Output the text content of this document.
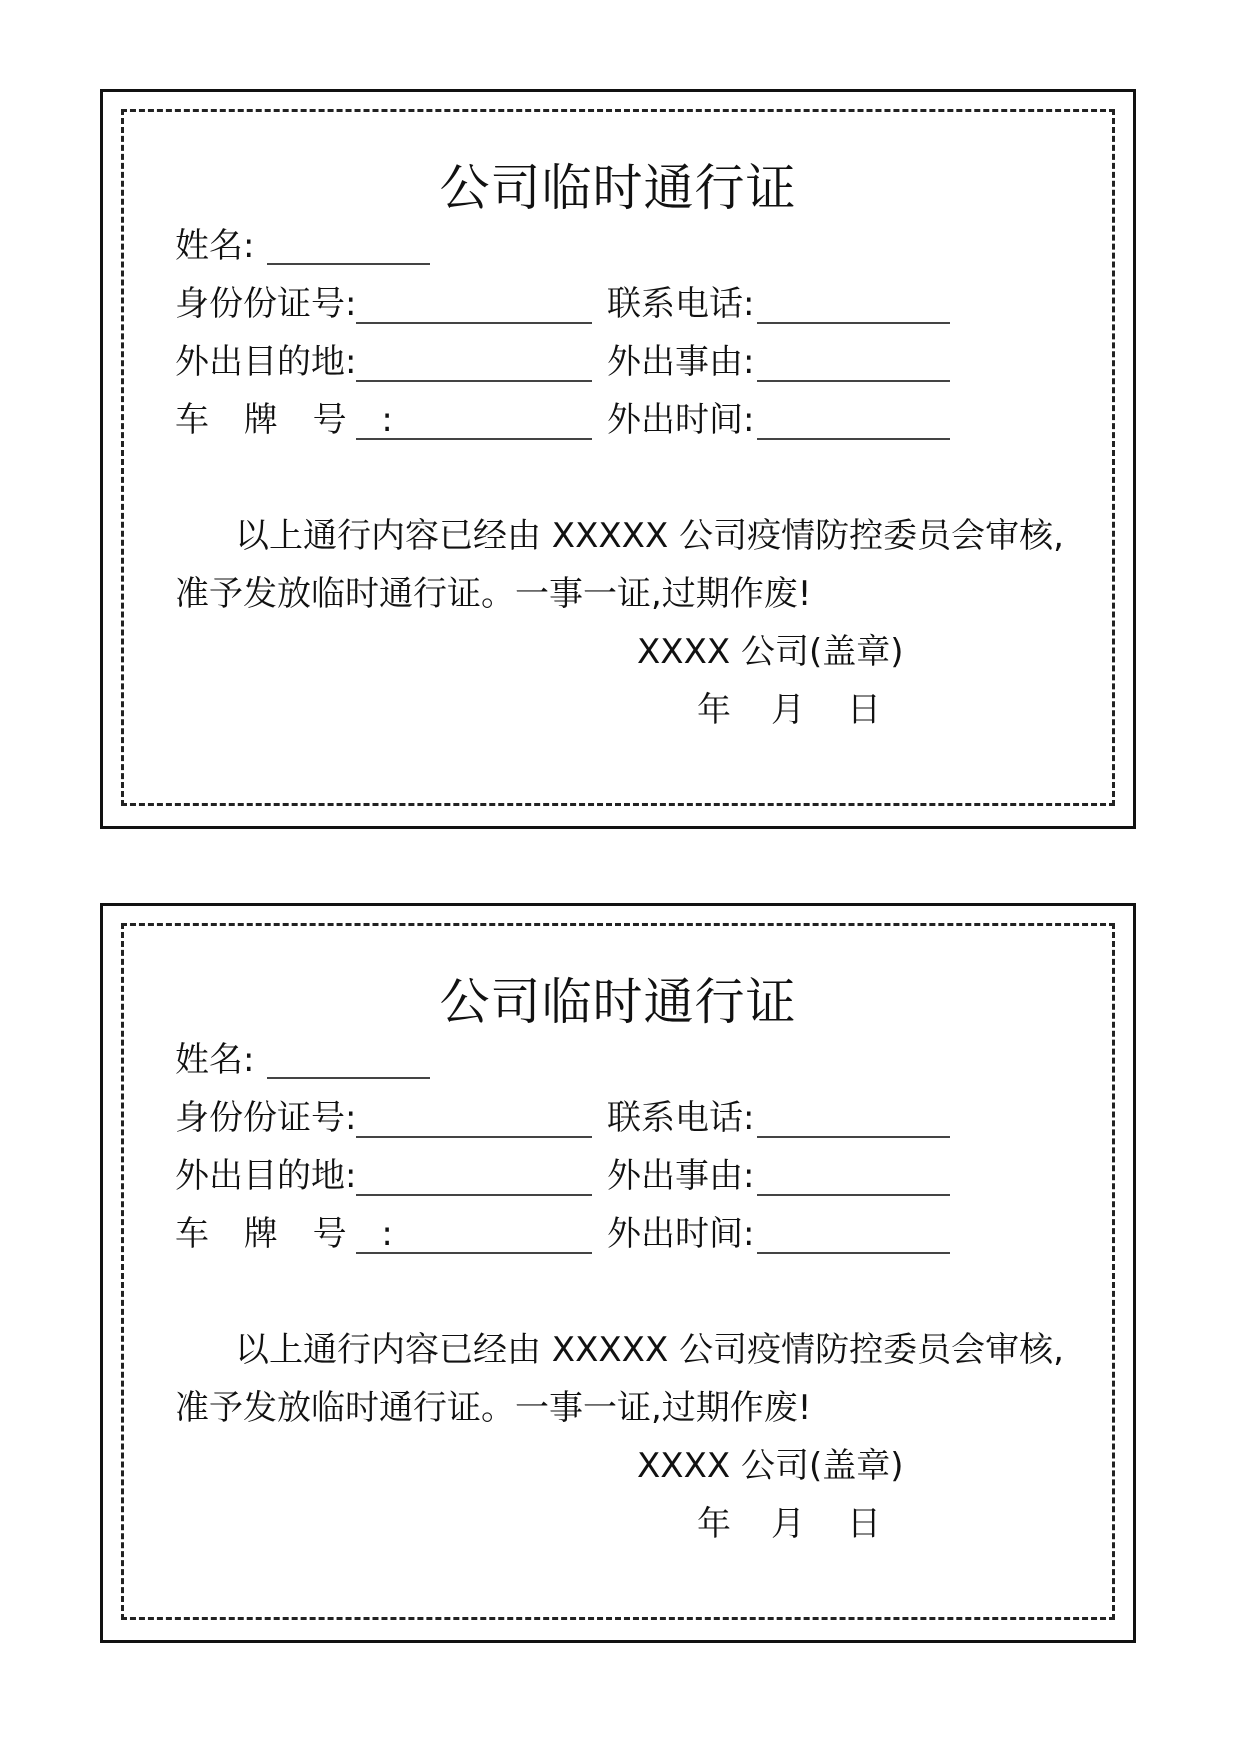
公司临时通行证
姓名:
身份份证号:	联系电话:
外出目的地:	外出事由:
车 牌 号 :	外出时间:
以上通行内容已经由 XXXXX 公司疫情防控委员会审核,
准予发放临时通行证。一事一证,过期作废!
XXXX 公司(盖章)
年 月 日
公司临时通行证
姓名:
身份份证号:	联系电话:
外出目的地:	外出事由:
车 牌 号 :	外出时间:
以上通行内容已经由 XXXXX 公司疫情防控委员会审核,
准予发放临时通行证。一事一证,过期作废!
XXXX 公司(盖章)
年 月 日
